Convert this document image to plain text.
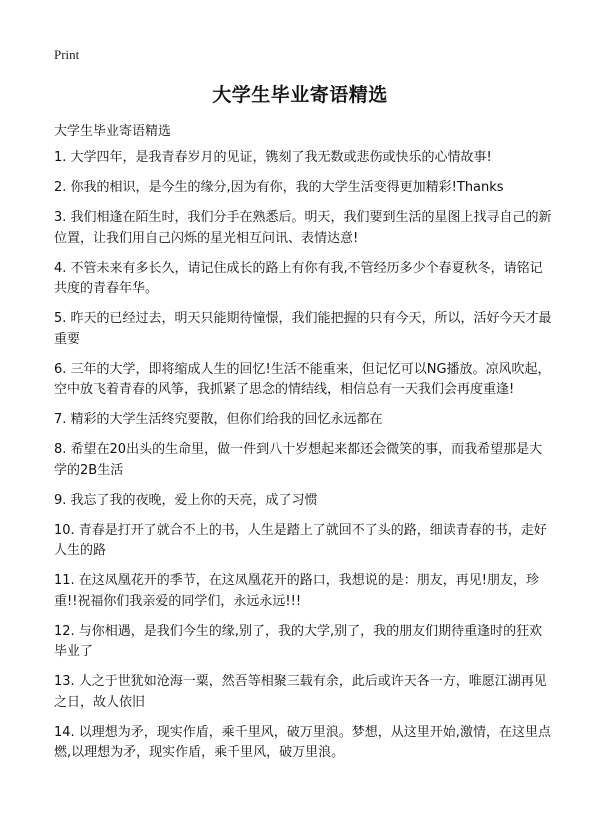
Print
大学生毕业寄语精选
大学生毕业寄语精选

1. 大学四年，是我青春岁月的见证，镌刻了我无数或悲伤或快乐的心情故事!

2. 你我的相识，是今生的缘分,因为有你，我的大学生活变得更加精彩!Thanks

3. 我们相逢在陌生时，我们分手在熟悉后。明天，我们要到生活的星图上找寻自己的新位置，让我们用自己闪烁的星光相互问讯、表情达意!

4. 不管未来有多长久，请记住成长的路上有你有我,不管经历多少个春夏秋冬，请铭记共度的青春年华。

5. 昨天的已经过去，明天只能期待憧憬，我们能把握的只有今天，所以，活好今天才最重要

6. 三年的大学，即将缩成人生的回忆!生活不能重来，但记忆可以NG播放。凉风吹起，空中放飞着青春的风筝，我抓紧了思念的情结线，相信总有一天我们会再度重逢!

7. 精彩的大学生活终究要散，但你们给我的回忆永远都在

8. 希望在20出头的生命里，做一件到八十岁想起来都还会微笑的事，而我希望那是大学的2B生活

9. 我忘了我的夜晚，爱上你的天亮，成了习惯

10. 青春是打开了就合不上的书，人生是踏上了就回不了头的路，细读青春的书，走好人生的路

11. 在这凤凰花开的季节，在这凤凰花开的路口，我想说的是：朋友，再见!朋友，珍重!!祝福你们我亲爱的同学们，永远永远!!!

12. 与你相遇，是我们今生的缘,别了，我的大学,别了，我的朋友们期待重逢时的狂欢毕业了

13. 人之于世犹如沧海一粟，然吾等相聚三载有余，此后或许天各一方，唯愿江湖再见之日，故人依旧

14. 以理想为矛，现实作盾，乘千里风，破万里浪。梦想，从这里开始,激情，在这里点燃,以理想为矛，现实作盾，乘千里风，破万里浪。
